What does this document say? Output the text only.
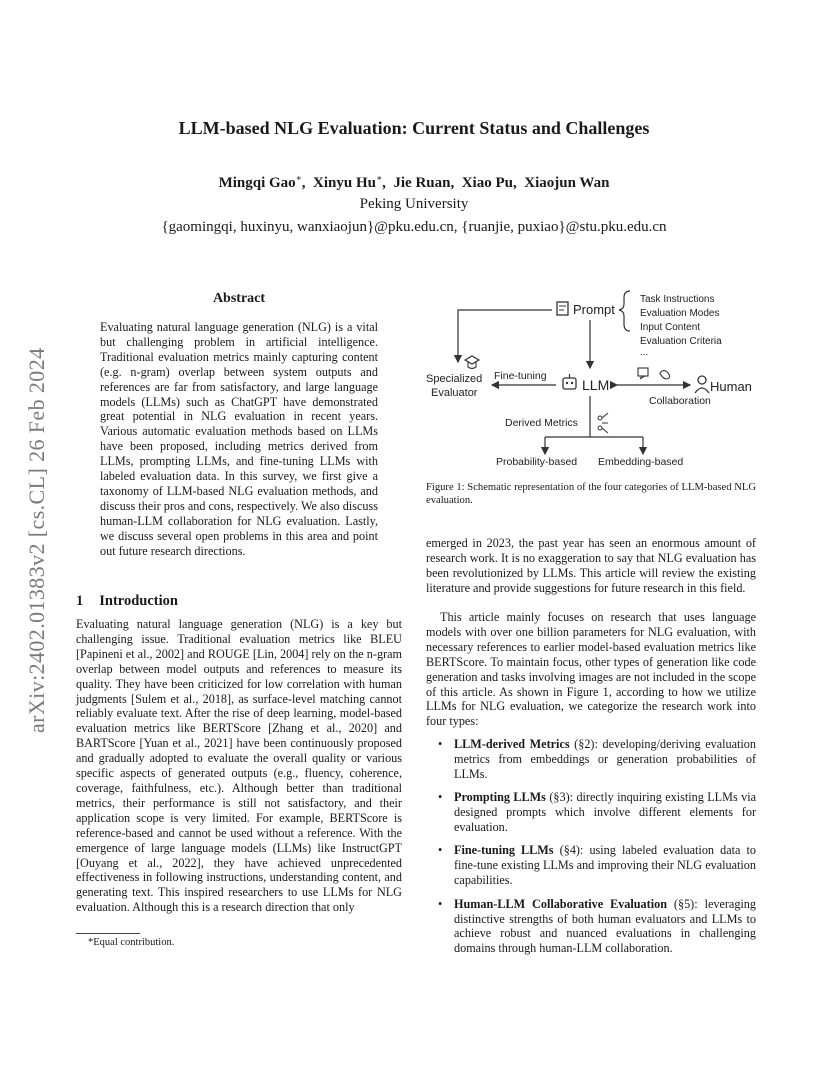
arXiv:2402.01383v2 [cs.CL] 26 Feb 2024
LLM-based NLG Evaluation: Current Status and Challenges
Mingqi Gao∗,  Xinyu Hu∗,  Jie Ruan,  Xiao Pu,  Xiaojun Wan
Peking University
{gaomingqi, huxinyu, wanxiaojun}@pku.edu.cn, {ruanjie, puxiao}@stu.pku.edu.cn
Abstract
Evaluating natural language generation (NLG) is a vital but challenging problem in artificial intelligence. Traditional evaluation metrics mainly capturing content (e.g. n-gram) overlap between system outputs and references are far from satisfactory, and large language models (LLMs) such as ChatGPT have demonstrated great potential in NLG evaluation in recent years. Various automatic evaluation methods based on LLMs have been proposed, including metrics derived from LLMs, prompting LLMs, and fine-tuning LLMs with labeled evaluation data. In this survey, we first give a taxonomy of LLM-based NLG evaluation methods, and discuss their pros and cons, respectively. We also discuss human-LLM collaboration for NLG evaluation. Lastly, we discuss several open problems in this area and point out future research directions.
1 Introduction
Evaluating natural language generation (NLG) is a key but challenging issue. Traditional evaluation metrics like BLEU [Papineni et al., 2002] and ROUGE [Lin, 2004] rely on the n-gram overlap between model outputs and references to measure its quality. They have been criticized for low correlation with human judgments [Sulem et al., 2018], as surface-level matching cannot reliably evaluate text. After the rise of deep learning, model-based evaluation metrics like BERTScore [Zhang et al., 2020] and BARTScore [Yuan et al., 2021] have been continuously proposed and gradually adopted to evaluate the overall quality or various specific aspects of generated outputs (e.g., fluency, coherence, coverage, faithfulness, etc.). Although better than traditional metrics, their performance is still not satisfactory, and their application scope is very limited. For example, BERTScore is reference-based and cannot be used without a reference. With the emergence of large language models (LLMs) like InstructGPT [Ouyang et al., 2022], they have achieved unprecedented effectiveness in following instructions, understanding content, and generating text. This inspired researchers to use LLMs for NLG evaluation. Although this is a research direction that only
*Equal contribution.
Prompt
Task Instructions
Evaluation Modes
Input Content
Evaluation Criteria
...
Specialized
Evaluator
Fine-tuning
LLM
Collaboration
Human
Derived Metrics
Probability-based Embedding-based
Figure 1: Schematic representation of the four categories of LLM-based NLG evaluation.
emerged in 2023, the past year has seen an enormous amount of research work. It is no exaggeration to say that NLG evaluation has been revolutionized by LLMs. This article will review the existing literature and provide suggestions for future research in this field.
This article mainly focuses on research that uses language models with over one billion parameters for NLG evaluation, with necessary references to earlier model-based evaluation metrics like BERTScore. To maintain focus, other types of generation like code generation and tasks involving images are not included in the scope of this article. As shown in Figure 1, according to how we utilize LLMs for NLG evaluation, we categorize the research work into four types:
• LLM-derived Metrics (§2): developing/deriving evaluation metrics from embeddings or generation probabilities of LLMs.
• Prompting LLMs (§3): directly inquiring existing LLMs via designed prompts which involve different elements for evaluation.
• Fine-tuning LLMs (§4): using labeled evaluation data to fine-tune existing LLMs and improving their NLG evaluation capabilities.
• Human-LLM Collaborative Evaluation (§5): leveraging distinctive strengths of both human evaluators and LLMs to achieve robust and nuanced evaluations in challenging domains through human-LLM collaboration.
